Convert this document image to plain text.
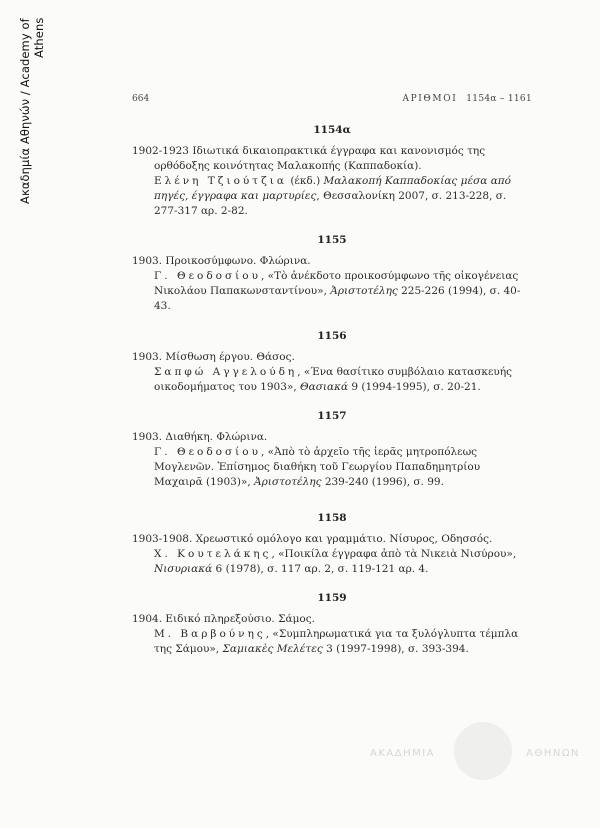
Ακαδημία Αθηνών / Academy of Athens
664	ΑΡΙΘΜΟΙ 1154α – 1161
1154α
1902-1923 Ιδιωτικά δικαιοπρακτικά έγγραφα και κανονισμός της ορθόδοξης κοινότητας Μαλακοπής (Καππαδοκία).
Ελένη Τζιούτζια (έκδ.) Μαλακοπή Καππαδοκίας μέσα από πηγές, έγγραφα και μαρτυρίες, Θεσσαλονίκη 2007, σ. 213-228, σ. 277-317 αρ. 2-82.
1155
1903. Προικοσύμφωνο. Φλώρινα.
Γ. Θεοδοσίου, «Τὸ ἀνέκδοτο προικοσύμφωνο τῆς οἰκογένειας Νικολάου Παπακωνσταντίνου», Ἀριστοτέλης 225-226 (1994), σ. 40-43.
1156
1903. Μίσθωση έργου. Θάσος.
Σαπφώ Αγγελούδη, «Ένα θασίτικο συμβόλαιο κατασκευής οικοδομήματος του 1903», Θασιακά 9 (1994-1995), σ. 20-21.
1157
1903. Διαθήκη. Φλώρινα.
Γ. Θεοδοσίου, «Ἀπὸ τὸ ἀρχεῖο τῆς ἱερᾶς μητροπόλεως Μογλενῶν. Ἐπίσημος διαθήκη τοῦ Γεωργίου Παπαδημητρίου Μαχαιρᾶ (1903)», Ἀριστοτέλης 239-240 (1996), σ. 99.
1158
1903-1908. Χρεωστικό ομόλογο και γραμμάτιο. Νίσυρος, Οδησσός.
Χ. Κουτελάκης, «Ποικίλα έγγραφα ἀπὸ τὰ Νικειὰ Νισύρου», Νισυριακά 6 (1978), σ. 117 αρ. 2, σ. 119-121 αρ. 4.
1159
1904. Ειδικό πληρεξούσιο. Σάμος.
Μ. Βαρβούνης, «Συμπληρωματικά για τα ξυλόγλυπτα τέμπλα της Σάμου», Σαμιακὲς Μελέτες 3 (1997-1998), σ. 393-394.
ΑΚΑΔΗΜΙΑ	ΑΘΗΝΩΝ
